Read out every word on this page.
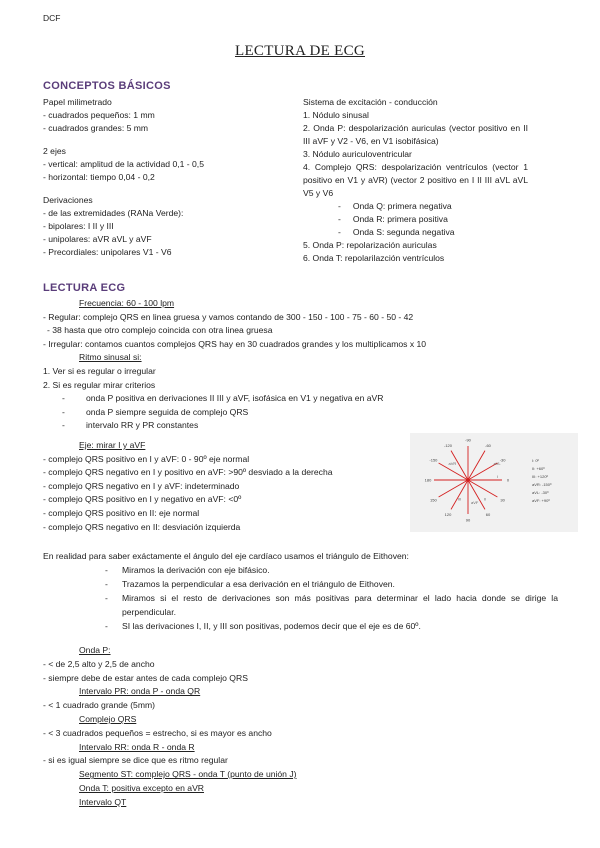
DCF
LECTURA DE ECG
CONCEPTOS BÁSICOS
Papel milimetrado
- cuadrados pequeños: 1 mm
- cuadrados grandes: 5 mm
2 ejes
- vertical: amplitud de la actividad 0,1 - 0,5
- horizontal: tiempo 0,04 - 0,2
Derivaciones
- de las extremidades (RANa Verde):
- bipolares: I II y III
- unipolares: aVR aVL y aVF
- Precordiales: unipolares V1 - V6
Sistema de excitación - conducción
1. Nódulo sinusal
2. Onda P: despolarización auriculas (vector positivo en II III aVF y V2 - V6, en V1 isobifásica)
3. Nódulo auriculoventricular
4. Complejo QRS: despolarización ventrículos (vector 1 positivo en V1 y aVR) (vector 2 positivo en I II III aVL aVL V5 y V6
-     Onda Q: primera negativa
-     Onda R: primera positiva
-     Onda S: segunda negativa
5. Onda P: repolarización auriculas
6. Onda T: repolarilazción ventrículos
LECTURA ECG
Frecuencia: 60 - 100 lpm
- Regular: complejo QRS en linea gruesa y vamos contando de 300 - 150 - 100 - 75 - 60 - 50 - 42
- 38 hasta que otro complejo coincida con otra linea gruesa
- Irregular: contamos cuantos complejos QRS hay en 30 cuadrados grandes y los multiplicamos x 10
Ritmo sinusal si:
1. Ver si es regular o irregular
2. Si es regular mirar criterios
- onda P positiva en derivaciones II III y aVF, isofásica en V1 y negativa en aVR
- onda P siempre seguida de complejo QRS
- intervalo RR y PR constantes
Eje: mirar I y aVF
- complejo QRS positivo en I y aVF: 0 - 90º eje normal
- complejo QRS negativo en I y positivo en aVF: >90º desviado a la derecha
- complejo QRS negativo en I y aVF: indeterminado
- complejo QRS positivo en I y negativo en aVF: <0º
- complejo QRS positivo en II: eje normal
- complejo QRS negativo en II: desviación izquierda
-90
-120	-60
-150	-30
180	0
150	30
120	60
90
aVR	aVL
I
II
III
aVF
I: 0º
II: +60º
III: +120º
aVR: -150º
aVL: -30º
aVF: +90º
En realidad para saber exáctamente el ángulo del eje cardíaco usamos el triángulo de Eithoven:
- Miramos la derivación con eje bifásico.
- Trazamos la perpendicular a esa derivación en el triángulo de Eithoven.
- Miramos si el resto de derivaciones son más positivas para determinar el lado hacia donde se dirige la perpendicular.
- SI las derivaciones I, II, y III son positivas, podemos decir que el eje es de 60º.
Onda P:
- < de 2,5 alto y 2,5 de ancho
- siempre debe de estar antes de cada complejo QRS
Intervalo PR: onda P - onda QR
- < 1 cuadrado grande (5mm)
Complejo QRS
- < 3 cuadrados pequeños = estrecho, si es mayor es ancho
Intervalo RR: onda R - onda R
- si es igual siempre se dice que es ritmo regular
Segmento ST: complejo QRS - onda T (punto de unión J)
Onda T: positiva excepto en aVR
Intervalo QT
